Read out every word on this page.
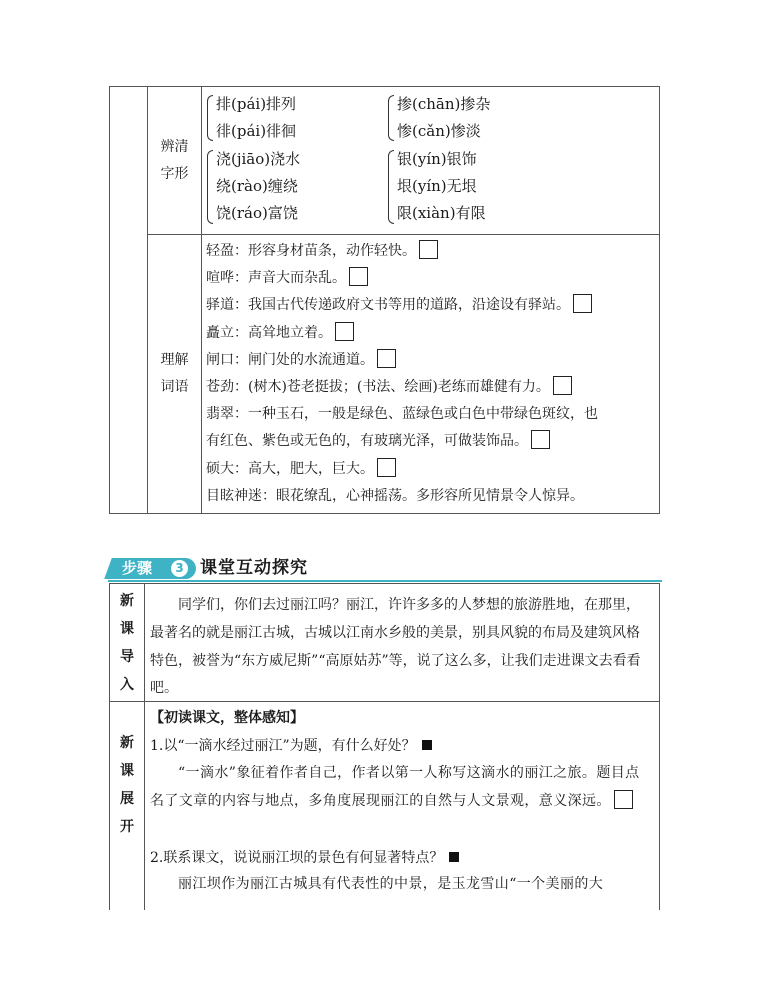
辨清
字形
排(pái)排列
徘(pái)徘徊
掺(chān)掺杂
惨(cǎn)惨淡
浇(jiāo)浇水
绕(rào)缠绕
饶(ráo)富饶
银(yín)银饰
垠(yín)无垠
限(xiàn)有限
理解
词语
轻盈：形容身材苗条，动作轻快。
喧哗：声音大而杂乱。
驿道：我国古代传递政府文书等用的道路，沿途设有驿站。
矗立：高耸地立着。
闸口：闸门处的水流通道。
苍劲：(树木)苍老挺拔；(书法、绘画)老练而雄健有力。
翡翠：一种玉石，一般是绿色、蓝绿色或白色中带绿色斑纹，也
有红色、紫色或无色的，有玻璃光泽，可做装饰品。
硕大：高大，肥大，巨大。
目眩神迷：眼花缭乱，心神摇荡。多形容所见情景令人惊异。
步骤	3 课堂互动探究
新
课
导
入
同学们，你们去过丽江吗？丽江，许许多多的人梦想的旅游胜地，在那里，最著名的就是丽江古城，古城以江南水乡般的美景，别具风貌的布局及建筑风格特色，被誉为“东方威尼斯”“高原姑苏”等，说了这么多，让我们走进课文去看看吧。
新
课
展
开
【初读课文，整体感知】
1.以“一滴水经过丽江”为题，有什么好处？
“一滴水”象征着作者自己，作者以第一人称写这滴水的丽江之旅。题目点名了文章的内容与地点，多角度展现丽江的自然与人文景观，意义深远。
2.联系课文，说说丽江坝的景色有何显著特点？
丽江坝作为丽江古城具有代表性的中景，是玉龙雪山“一个美丽的大
